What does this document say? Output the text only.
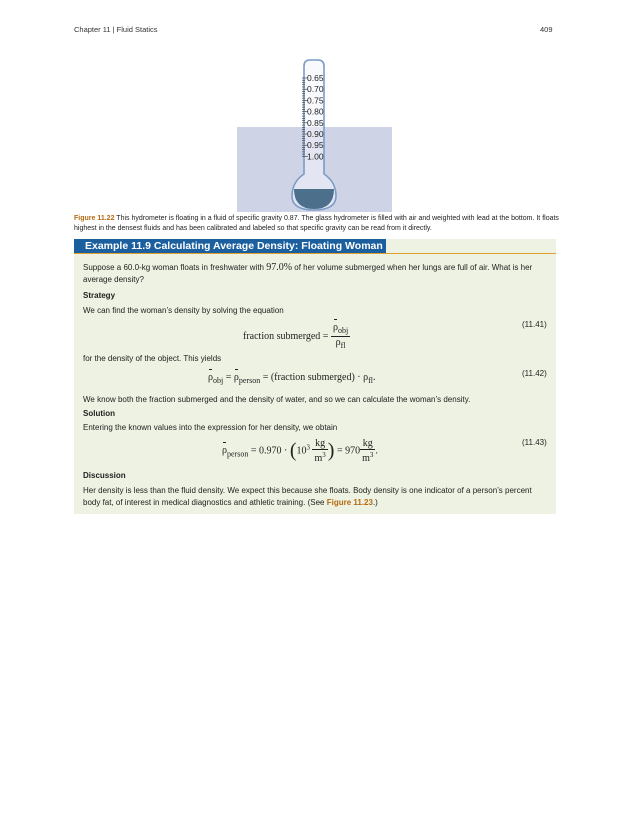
Chapter 11 | Fluid Statics	409
0.65
0.70
0.75
0.80
0.85
0.90
0.95
1.00
Figure 11.22 This hydrometer is floating in a fluid of specific gravity 0.87. The glass hydrometer is filled with air and weighted with lead at the bottom. It floats highest in the densest fluids and has been calibrated and labeled so that specific gravity can be read from it directly.
Example 11.9 Calculating Average Density: Floating Woman
Suppose a 60.0-kg woman floats in freshwater with 97.0% of her volume submerged when her lungs are full of air. What is her average density?
Strategy
We can find the woman’s density by solving the equation
fraction submerged = $\frac{\rho_{obj}}{\rho_{fl}}$	(11.41)
for the density of the object. This yields
$\rho_{obj} = \rho_{person}$ = (fraction submerged) · $\rho_{fl}$.	(11.42)
We know both the fraction submerged and the density of water, and so we can calculate the woman’s density.
Solution
Entering the known values into the expression for her density, we obtain
$\rho_{person} = 0.970 \cdot (10^3 \frac{kg}{m^3}$ ) = $970 \frac{kg}{m^3}$ .
(11.43)
Discussion
Her density is less than the fluid density. We expect this because she floats. Body density is one indicator of a person’s percent body fat, of interest in medical diagnostics and athletic training. (See Figure 11.23.)
